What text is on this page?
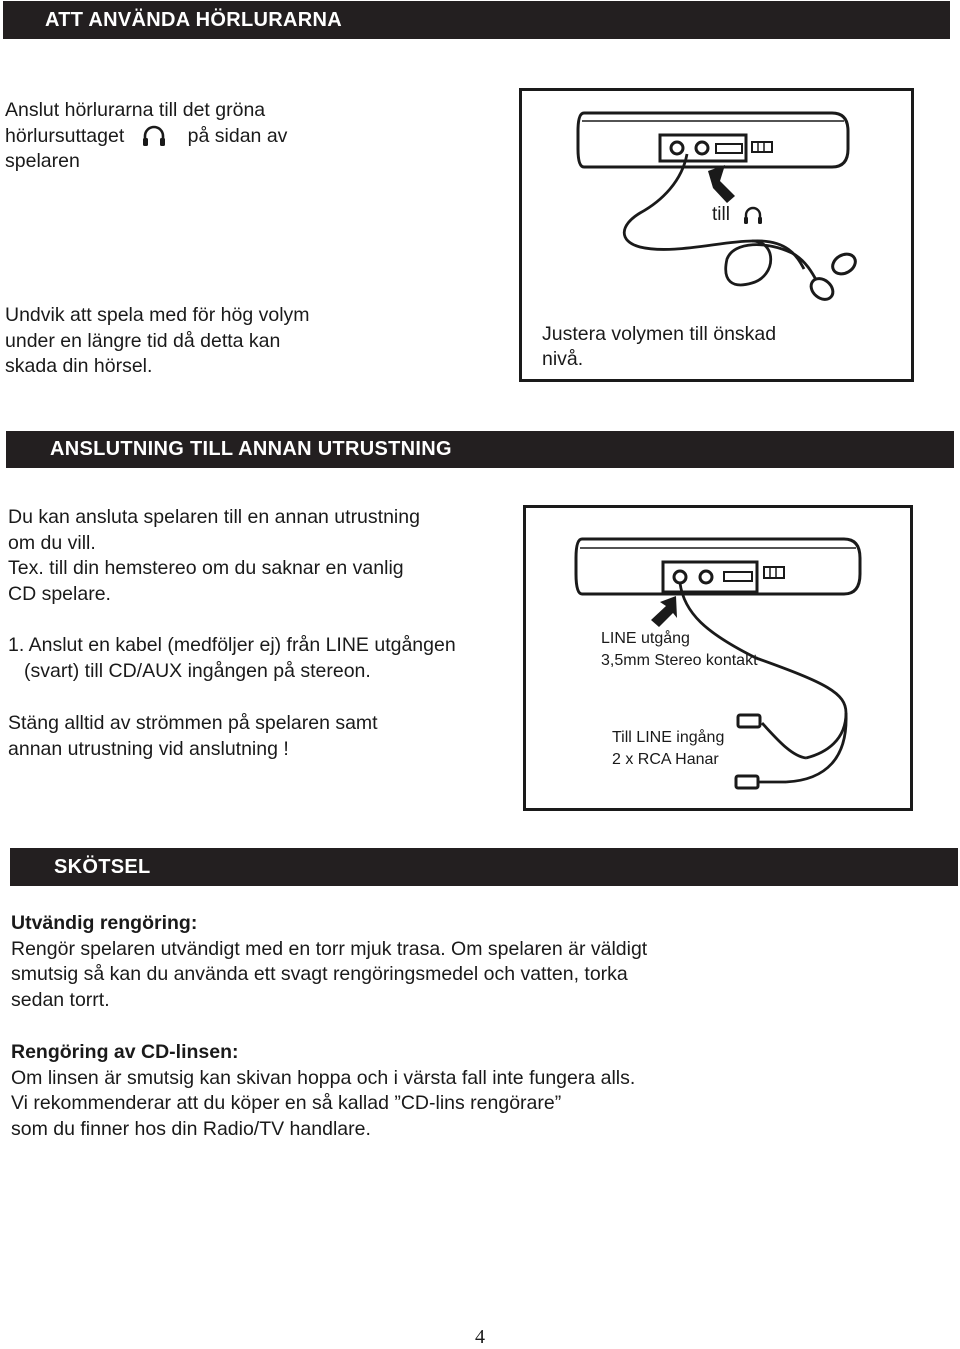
ATT ANVÄNDA HÖRLURARNA

Anslut hörlurarna till det gröna

hörlursuttaget	på sidan av

spelaren

Undvik att spela med för hög volym

under en längre tid då detta kan

skada din hörsel.

till
Justera volymen till önskad
nivå.
ANSLUTNING TILL ANNAN UTRUSTNING

Du kan ansluta spelaren till en annan utrustning

om du vill.

Tex. till din hemstereo om du saknar en vanlig

CD spelare.

1. Anslut en kabel (medföljer ej) från LINE utgången

(svart) till CD/AUX ingången på stereon.

Stäng alltid av strömmen på spelaren samt

annan utrustning vid anslutning !

LINE utgång
3,5mm Stereo kontakt
Till LINE ingång
2 x RCA Hanar
SKÖTSEL

Utvändig rengöring:

Rengör spelaren utvändigt med en torr mjuk trasa. Om spelaren är väldigt

smutsig så kan du använda ett svagt rengöringsmedel och vatten, torka

sedan torrt.

Rengöring av CD-linsen:

Om linsen är smutsig kan skivan hoppa och i värsta fall inte fungera alls.

Vi rekommenderar att du köper en så kallad ”CD-lins rengörare”

som du finner hos din Radio/TV handlare.

4
